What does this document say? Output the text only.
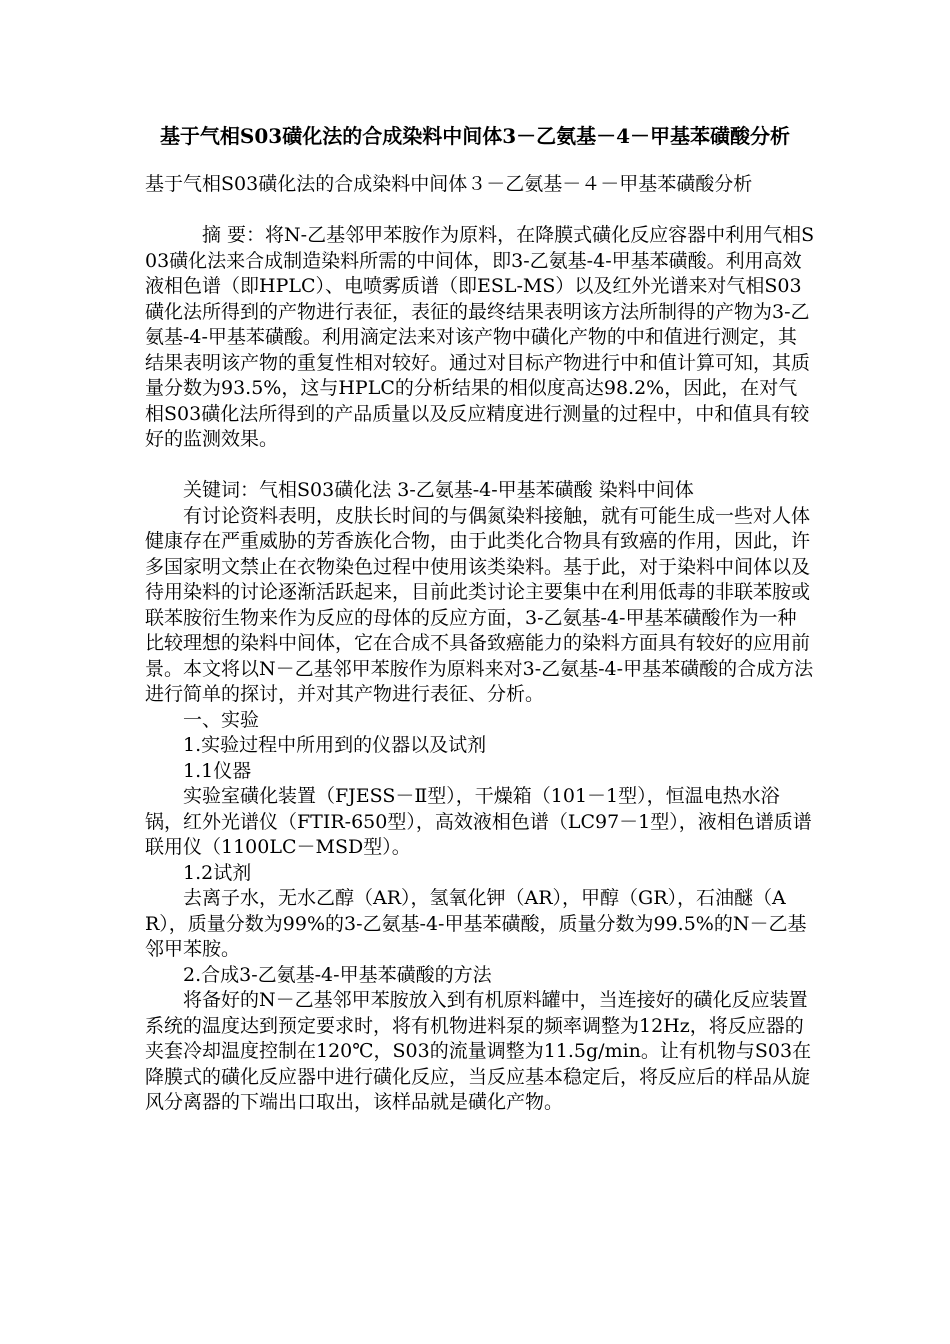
基于气相S03磺化法的合成染料中间体3－乙氨基－4－甲基苯磺酸分析

基于气相S03磺化法的合成染料中间体３－乙氨基－４－甲基苯磺酸分析

摘 要：将N-乙基邻甲苯胺作为原料，在降膜式磺化反应容器中利用气相S03磺化法来合成制造染料所需的中间体，即3-乙氨基-4-甲基苯磺酸。利用高效液相色谱（即HPLC）、电喷雾质谱（即ESL-MS）以及红外光谱来对气相S03磺化法所得到的产物进行表征，表征的最终结果表明该方法所制得的产物为3-乙氨基-4-甲基苯磺酸。利用滴定法来对该产物中磺化产物的中和值进行测定，其结果表明该产物的重复性相对较好。通过对目标产物进行中和值计算可知，其质量分数为93.5%，这与HPLC的分析结果的相似度高达98.2%，因此，在对气相S03磺化法所得到的产品质量以及反应精度进行测量的过程中，中和值具有较好的监测效果。

关键词：气相S03磺化法 3-乙氨基-4-甲基苯磺酸 染料中间体

有讨论资料表明，皮肤长时间的与偶氮染料接触，就有可能生成一些对人体健康存在严重威胁的芳香族化合物，由于此类化合物具有致癌的作用，因此，许多国家明文禁止在衣物染色过程中使用该类染料。基于此，对于染料中间体以及待用染料的讨论逐渐活跃起来，目前此类讨论主要集中在利用低毒的非联苯胺或联苯胺衍生物来作为反应的母体的反应方面，3-乙氨基-4-甲基苯磺酸作为一种比较理想的染料中间体，它在合成不具备致癌能力的染料方面具有较好的应用前景。本文将以N－乙基邻甲苯胺作为原料来对3-乙氨基-4-甲基苯磺酸的合成方法进行简单的探讨，并对其产物进行表征、分析。

一、实验

1.实验过程中所用到的仪器以及试剂

1.1仪器

实验室磺化装置（FJESS－Ⅱ型），干燥箱（101－1型），恒温电热水浴锅，红外光谱仪（FTIR-650型），高效液相色谱（LC97－1型），液相色谱质谱联用仪（1100LC－MSD型）。

1.2试剂

去离子水，无水乙醇（AR），氢氧化钾（AR），甲醇（GR），石油醚（AR），质量分数为99%的3-乙氨基-4-甲基苯磺酸，质量分数为99.5%的N－乙基邻甲苯胺。

2.合成3-乙氨基-4-甲基苯磺酸的方法

将备好的N－乙基邻甲苯胺放入到有机原料罐中，当连接好的磺化反应装置系统的温度达到预定要求时，将有机物进料泵的频率调整为12Hz，将反应器的夹套冷却温度控制在120℃，S03的流量调整为11.5g/min。让有机物与S03在降膜式的磺化反应器中进行磺化反应，当反应基本稳定后，将反应后的样品从旋风分离器的下端出口取出，该样品就是磺化产物。
